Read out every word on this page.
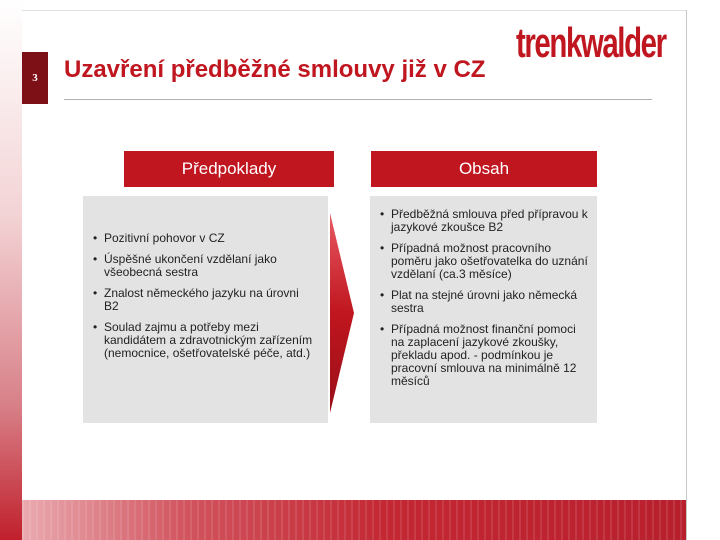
3	Uzavření předběžné smlouvy již v CZ
trenkwalder
Předpoklady
• Pozitivní pohovor v CZ
• Úspěšné ukončení vzdělaní jako všeobecná sestra
• Znalost německého jazyku na úrovni B2
• Soulad zajmu a potřeby mezi kandidátem a zdravotnickým zařízením (nemocnice, ošetřovatelské péče, atd.)
Obsah
• Předběžná smlouva před přípravou k jazykové zkoušce B2
• Případná možnost pracovního poměru jako ošetřovatelka do uznání vzdělaní (ca.3 měsíce)
• Plat na stejné úrovni jako německá sestra
• Případná možnost finanční pomoci na zaplacení jazykové zkoušky, překladu apod. - podmínkou je pracovní smlouva na minimálně 12 měsíců
